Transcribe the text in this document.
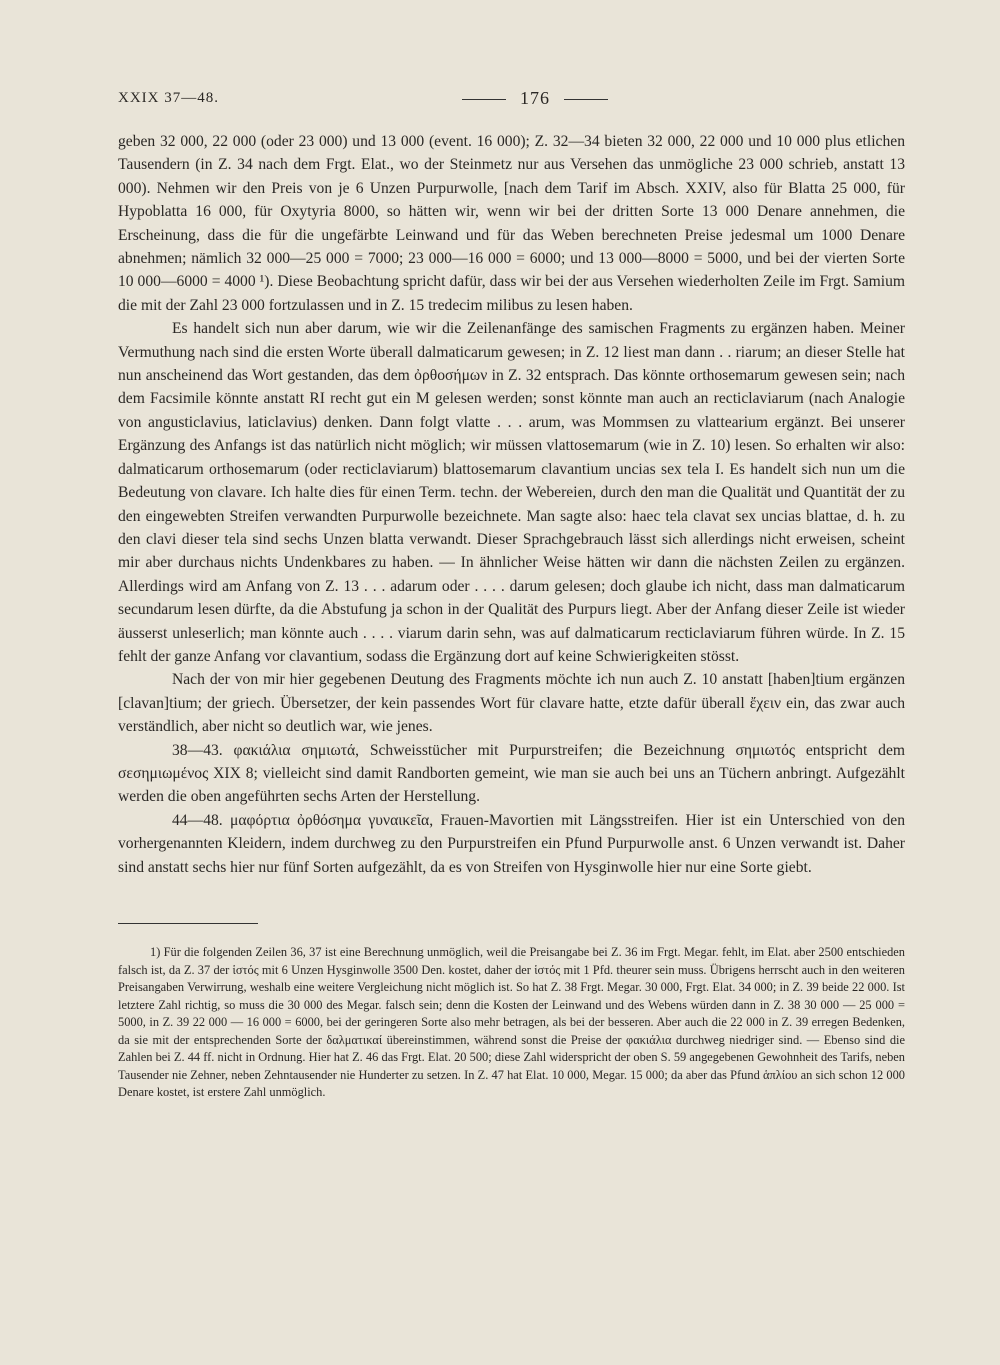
XXIX 37—48.	176

geben 32 000, 22 000 (oder 23 000) und 13 000 (event. 16 000); Z. 32—34 bieten 32 000, 22 000 und 10 000 plus etlichen Tausendern (in Z. 34 nach dem Frgt. Elat., wo der Steinmetz nur aus Versehen das unmögliche 23 000 schrieb, anstatt 13 000). Nehmen wir den Preis von je 6 Unzen Purpurwolle, [nach dem Tarif im Absch. XXIV, also für Blatta 25 000, für Hypoblatta 16 000, für Oxytyria 8000, so hätten wir, wenn wir bei der dritten Sorte 13 000 Denare annehmen, die Erscheinung, dass die für die ungefärbte Leinwand und für das Weben berechneten Preise jedesmal um 1000 Denare abnehmen; nämlich 32 000—25 000 = 7000; 23 000—16 000 = 6000; und 13 000—8000 = 5000, und bei der vierten Sorte 10 000—6000 = 4000 ¹). Diese Beobachtung spricht dafür, dass wir bei der aus Versehen wiederholten Zeile im Frgt. Samium die mit der Zahl 23 000 fortzulassen und in Z. 15 tredecim milibus zu lesen haben.

Es handelt sich nun aber darum, wie wir die Zeilenanfänge des samischen Fragments zu ergänzen haben. Meiner Vermuthung nach sind die ersten Worte überall dalmaticarum gewesen; in Z. 12 liest man dann . . riarum; an dieser Stelle hat nun anscheinend das Wort gestanden, das dem ὀρθοσήμων in Z. 32 entsprach. Das könnte orthosemarum gewesen sein; nach dem Facsimile könnte anstatt RI recht gut ein M gelesen werden; sonst könnte man auch an recticlaviarum (nach Analogie von angusticlavius, laticlavius) denken. Dann folgt vlatte . . . arum, was Mommsen zu vlattearium ergänzt. Bei unserer Ergänzung des Anfangs ist das natürlich nicht möglich; wir müssen vlattosemarum (wie in Z. 10) lesen. So erhalten wir also: dalmaticarum orthosemarum (oder recticlaviarum) blattosemarum clavantium uncias sex tela I. Es handelt sich nun um die Bedeutung von clavare. Ich halte dies für einen Term. techn. der Webereien, durch den man die Qualität und Quantität der zu den eingewebten Streifen verwandten Purpurwolle bezeichnete. Man sagte also: haec tela clavat sex uncias blattae, d. h. zu den clavi dieser tela sind sechs Unzen blatta verwandt. Dieser Sprachgebrauch lässt sich allerdings nicht erweisen, scheint mir aber durchaus nichts Undenkbares zu haben. — In ähnlicher Weise hätten wir dann die nächsten Zeilen zu ergänzen. Allerdings wird am Anfang von Z. 13 . . . adarum oder . . . . darum gelesen; doch glaube ich nicht, dass man dalmaticarum secundarum lesen dürfte, da die Abstufung ja schon in der Qualität des Purpurs liegt. Aber der Anfang dieser Zeile ist wieder äusserst unleserlich; man könnte auch . . . . viarum darin sehn, was auf dalmaticarum recticlaviarum führen würde. In Z. 15 fehlt der ganze Anfang vor clavantium, sodass die Ergänzung dort auf keine Schwierigkeiten stösst.

Nach der von mir hier gegebenen Deutung des Fragments möchte ich nun auch Z. 10 anstatt [haben]tium ergänzen [clavan]tium; der griech. Übersetzer, der kein passendes Wort für clavare hatte, etzte dafür überall ἔχειν ein, das zwar auch verständlich, aber nicht so deutlich war, wie jenes.

38—43. φακιάλια σημιωτά, Schweisstücher mit Purpurstreifen; die Bezeichnung σημιωτός entspricht dem σεσημιωμένος XIX 8; vielleicht sind damit Randborten gemeint, wie man sie auch bei uns an Tüchern anbringt. Aufgezählt werden die oben angeführten sechs Arten der Herstellung.

44—48. μαφόρτια ὀρθόσημα γυναικεῖα, Frauen-Mavortien mit Längsstreifen. Hier ist ein Unterschied von den vorhergenannten Kleidern, indem durchweg zu den Purpurstreifen ein Pfund Purpurwolle anst. 6 Unzen verwandt ist. Daher sind anstatt sechs hier nur fünf Sorten aufgezählt, da es von Streifen von Hysginwolle hier nur eine Sorte giebt.

1) Für die folgenden Zeilen 36, 37 ist eine Berechnung unmöglich, weil die Preisangabe bei Z. 36 im Frgt. Megar. fehlt, im Elat. aber 2500 entschieden falsch ist, da Z. 37 der ἱστός mit 6 Unzen Hysginwolle 3500 Den. kostet, daher der ἱστός mit 1 Pfd. theurer sein muss. Übrigens herrscht auch in den weiteren Preisangaben Verwirrung, weshalb eine weitere Vergleichung nicht möglich ist. So hat Z. 38 Frgt. Megar. 30 000, Frgt. Elat. 34 000; in Z. 39 beide 22 000. Ist letztere Zahl richtig, so muss die 30 000 des Megar. falsch sein; denn die Kosten der Leinwand und des Webens würden dann in Z. 38 30 000 — 25 000 = 5000, in Z. 39 22 000 — 16 000 = 6000, bei der geringeren Sorte also mehr betragen, als bei der besseren. Aber auch die 22 000 in Z. 39 erregen Bedenken, da sie mit der entsprechenden Sorte der δαλματικαί übereinstimmen, während sonst die Preise der φακιάλια durchweg niedriger sind. — Ebenso sind die Zahlen bei Z. 44 ff. nicht in Ordnung. Hier hat Z. 46 das Frgt. Elat. 20 500; diese Zahl widerspricht der oben S. 59 angegebenen Gewohnheit des Tarifs, neben Tausender nie Zehner, neben Zehntausender nie Hunderter zu setzen. In Z. 47 hat Elat. 10 000, Megar. 15 000; da aber das Pfund ἁπλίου an sich schon 12 000 Denare kostet, ist erstere Zahl unmöglich.
